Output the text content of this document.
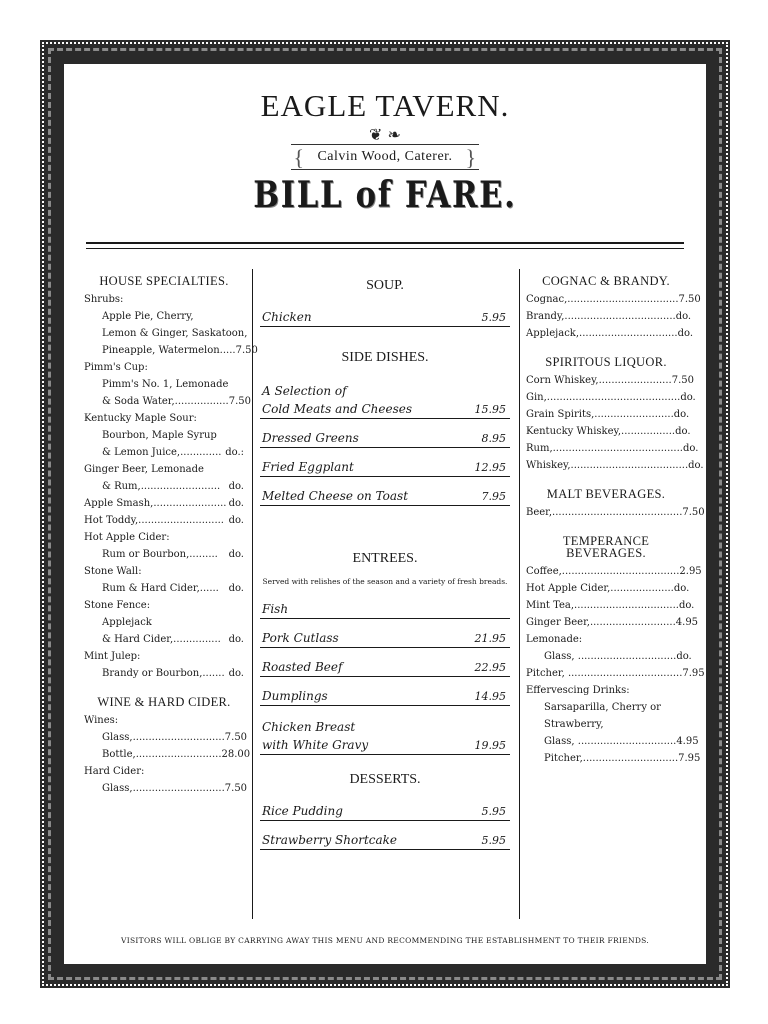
EAGLE TAVERN.
❦ ❧
{ Calvin Wood, Caterer. }
BILL of FARE.
HOUSE SPECIALTIES.
Shrubs:
Apple Pie, Cherry,
Lemon & Ginger, Saskatoon,
Pineapple, Watermelon..... 7.50
Pimm's Cup:
Pimm's No. 1, Lemonade
& Soda Water,................. 7.50
Kentucky Maple Sour:
Bourbon, Maple Syrup
& Lemon Juice,............. do.:
Ginger Beer, Lemonade
& Rum,......................... do.
Apple Smash,....................... do.
Hot Toddy,........................... do.
Hot Apple Cider:
Rum or Bourbon,......... do.
Stone Wall:
Rum & Hard Cider,...... do.
Stone Fence:
Applejack
& Hard Cider,............... do.
Mint Julep:
Brandy or Bourbon,....... do.
WINE & HARD CIDER.
Wines:
Glass,............................. 7.50
Bottle,........................... 28.00
Hard Cider:
Glass,............................. 7.50
SOUP.
Chicken	5.95
SIDE DISHES.
A Selection of
Cold Meats and Cheeses	15.95
Dressed Greens	8.95
Fried Eggplant	12.95
Melted Cheese on Toast	7.95
ENTREES.
Served with relishes of the season and a variety of fresh breads.
Fish
Pork Cutlass	21.95
Roasted Beef	22.95
Dumplings	14.95
Chicken Breast
with White Gravy	19.95
DESSERTS.
Rice Pudding	5.95
Strawberry Shortcake	5.95
COGNAC & BRANDY.
Cognac,................................... 7.50
Brandy,................................... do.
Applejack,............................... do.
SPIRITOUS LIQUOR.
Corn Whiskey,....................... 7.50
Gin,.......................................... do.
Grain Spirits,......................... do.
Kentucky Whiskey,................. do.
Rum,......................................... do.
Whiskey,..................................... do.
MALT BEVERAGES.
Beer,......................................... 7.50
TEMPERANCE BEVERAGES.
Coffee,..................................... 2.95
Hot Apple Cider,.................... do.
Mint Tea,................................. do.
Ginger Beer,........................... 4.95
Lemonade:
Glass, ............................... do.
Pitcher, .................................... 7.95
Effervescing Drinks:
Sarsaparilla, Cherry or
Strawberry,
Glass, ............................... 4.95
Pitcher,.............................. 7.95
VISITORS WILL OBLIGE BY CARRYING AWAY THIS MENU AND RECOMMENDING THE ESTABLISHMENT TO THEIR FRIENDS.
